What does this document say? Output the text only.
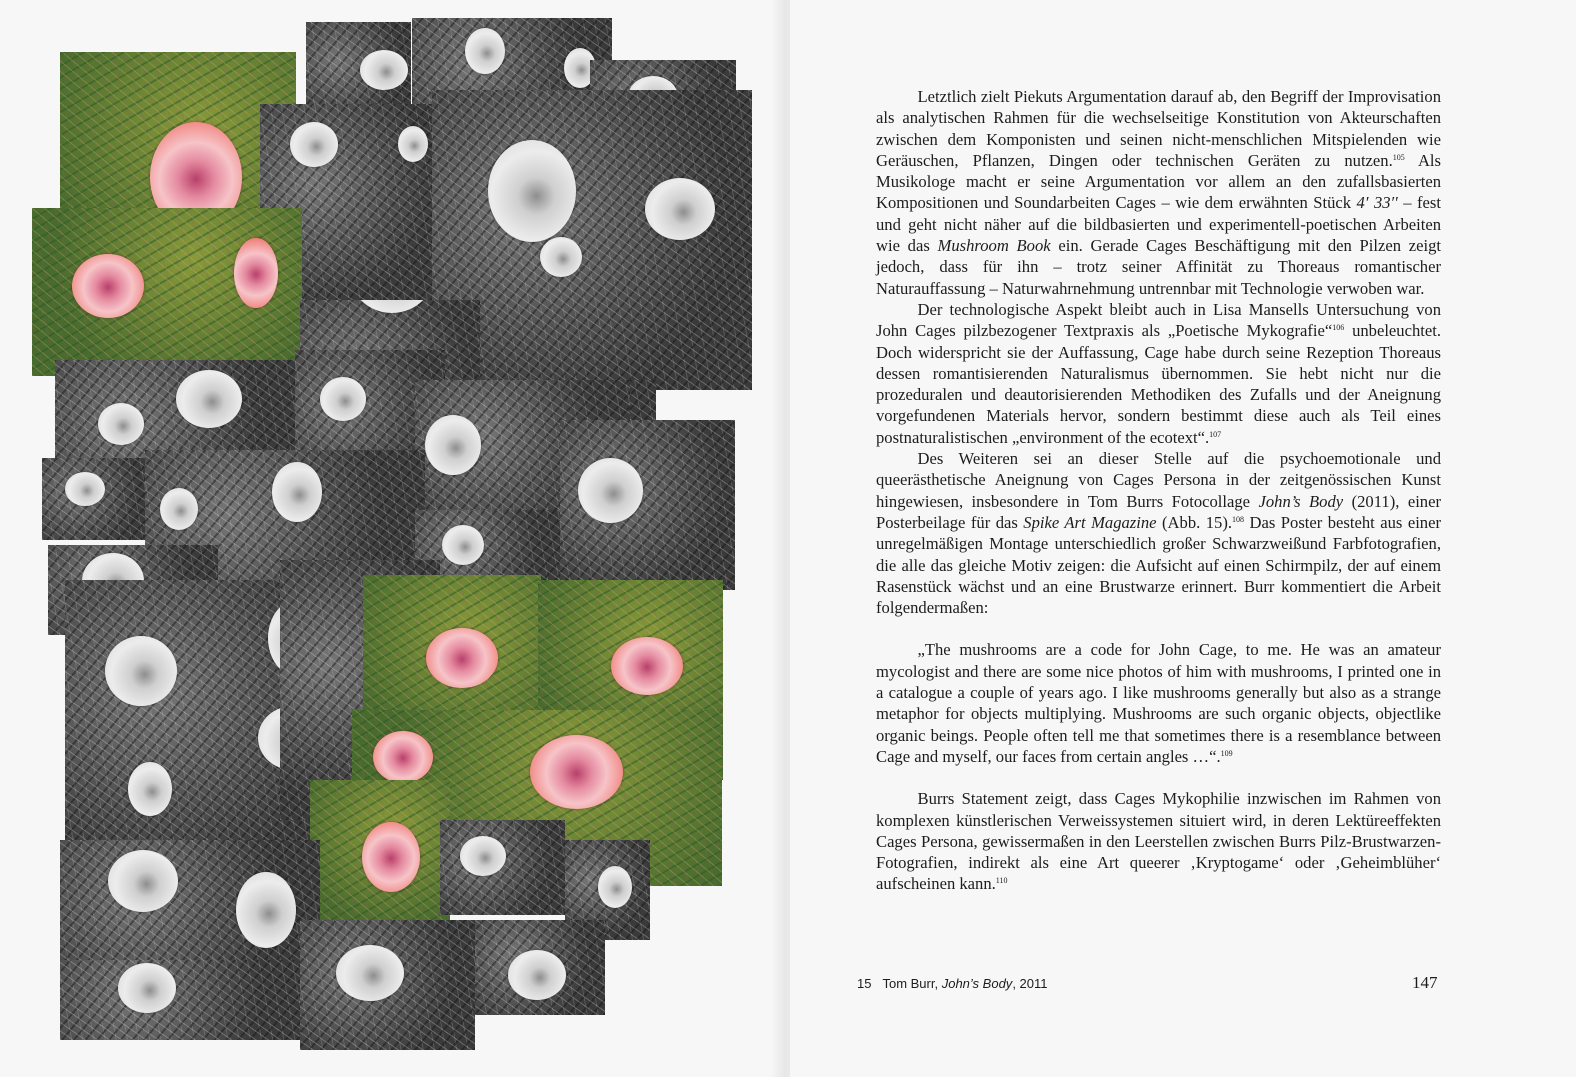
Letztlich zielt Piekuts Argumentation darauf ab, den Begriff der Improvisation als analytischen Rahmen für die wechselseitige Konstitution von Akteurschaften zwischen dem Komponisten und seinen nicht-menschlichen Mitspielenden wie Geräuschen, Pflanzen, Dingen oder technischen Geräten zu nutzen.$^{105}$ Als Musikologe macht er seine Argumentation vor allem an den zufallsbasierten Kompositionen und Soundarbeiten Cages – wie dem erwähnten Stück 4′ 33′′ – fest und geht nicht näher auf die bildbasierten und experimentell-poetischen Arbeiten wie das Mushroom Book ein. Gerade Cages Beschäftigung mit den Pilzen zeigt jedoch, dass für ihn – trotz seiner Affinität zu Thoreaus romantischer Naturauffassung – Naturwahrnehmung untrennbar mit Technologie verwoben war.

Der technologische Aspekt bleibt auch in Lisa Mansells Untersuchung von John Cages pilzbezogener Textpraxis als „Poetische Mykografie“$^{106}$ unbeleuchtet. Doch widerspricht sie der Auffassung, Cage habe durch seine Rezeption Thoreaus dessen romantisierenden Naturalismus übernommen. Sie hebt nicht nur die prozeduralen und deautorisierenden Methodiken des Zufalls und der Aneignung vorgefundenen Materials hervor, sondern bestimmt diese auch als Teil eines postnaturalistischen „environment of the ecotext“.$^{107}$

Des Weiteren sei an dieser Stelle auf die psychoemotionale und queerästhetische Aneignung von Cages Persona in der zeitgenössischen Kunst hingewiesen, insbesondere in Tom Burrs Fotocollage John’s Body (2011), einer Posterbeilage für das Spike Art Magazine (Abb. 15).$^{108}$ Das Poster besteht aus einer unregelmäßigen Montage unterschiedlich großer Schwarzweißund Farbfotografien, die alle das gleiche Motiv zeigen: die Aufsicht auf einen Schirmpilz, der auf einem Rasenstück wächst und an eine Brustwarze erinnert. Burr kommentiert die Arbeit folgendermaßen:

„The mushrooms are a code for John Cage, to me. He was an amateur mycologist and there are some nice photos of him with mushrooms, I printed one in a catalogue a couple of years ago. I like mushrooms generally but also as a strange metaphor for objects multiplying. Mushrooms are such organic objects, objectlike organic beings. People often tell me that sometimes there is a resemblance between Cage and myself, our faces from certain angles …“.$^{109}$

Burrs Statement zeigt, dass Cages Mykophilie inzwischen im Rahmen von komplexen künstlerischen Verweissystemen situiert wird, in deren Lektüreeffekten Cages Persona, gewissermaßen in den Leerstellen zwischen Burrs Pilz-Brustwarzen-Fotografien, indirekt als eine Art queerer ‚Kryptogame‘ oder ‚Geheimblüher‘ aufscheinen kann.$^{110}$

15 Tom Burr, John’s Body, 2011	147
